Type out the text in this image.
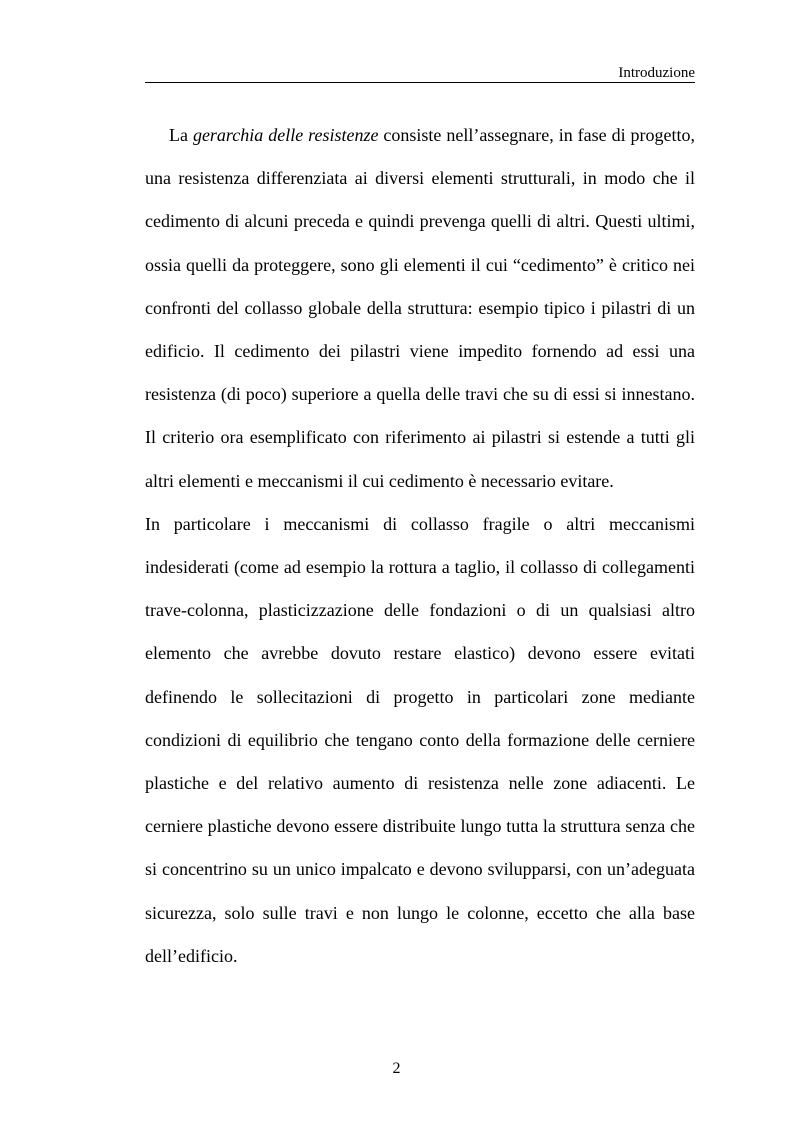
Introduzione

La gerarchia delle resistenze consiste nell’assegnare, in fase di progetto, una resistenza differenziata ai diversi elementi strutturali, in modo che il cedimento di alcuni preceda e quindi prevenga quelli di altri. Questi ultimi, ossia quelli da proteggere, sono gli elementi il cui “cedimento” è critico nei confronti del collasso globale della struttura: esempio tipico i pilastri di un edificio. Il cedimento dei pilastri viene impedito fornendo ad essi una resistenza (di poco) superiore a quella delle travi che su di essi si innestano. Il criterio ora esemplificato con riferimento ai pilastri si estende a tutti gli altri elementi e meccanismi il cui cedimento è necessario evitare.

In particolare i meccanismi di collasso fragile o altri meccanismi indesiderati (come ad esempio la rottura a taglio, il collasso di collegamenti trave-colonna, plasticizzazione delle fondazioni o di un qualsiasi altro elemento che avrebbe dovuto restare elastico) devono essere evitati definendo le sollecitazioni di progetto in particolari zone mediante condizioni di equilibrio che tengano conto della formazione delle cerniere plastiche e del relativo aumento di resistenza nelle zone adiacenti. Le cerniere plastiche devono essere distribuite lungo tutta la struttura senza che si concentrino su un unico impalcato e devono svilupparsi, con un’adeguata sicurezza, solo sulle travi e non lungo le colonne, eccetto che alla base dell’edificio.

2
